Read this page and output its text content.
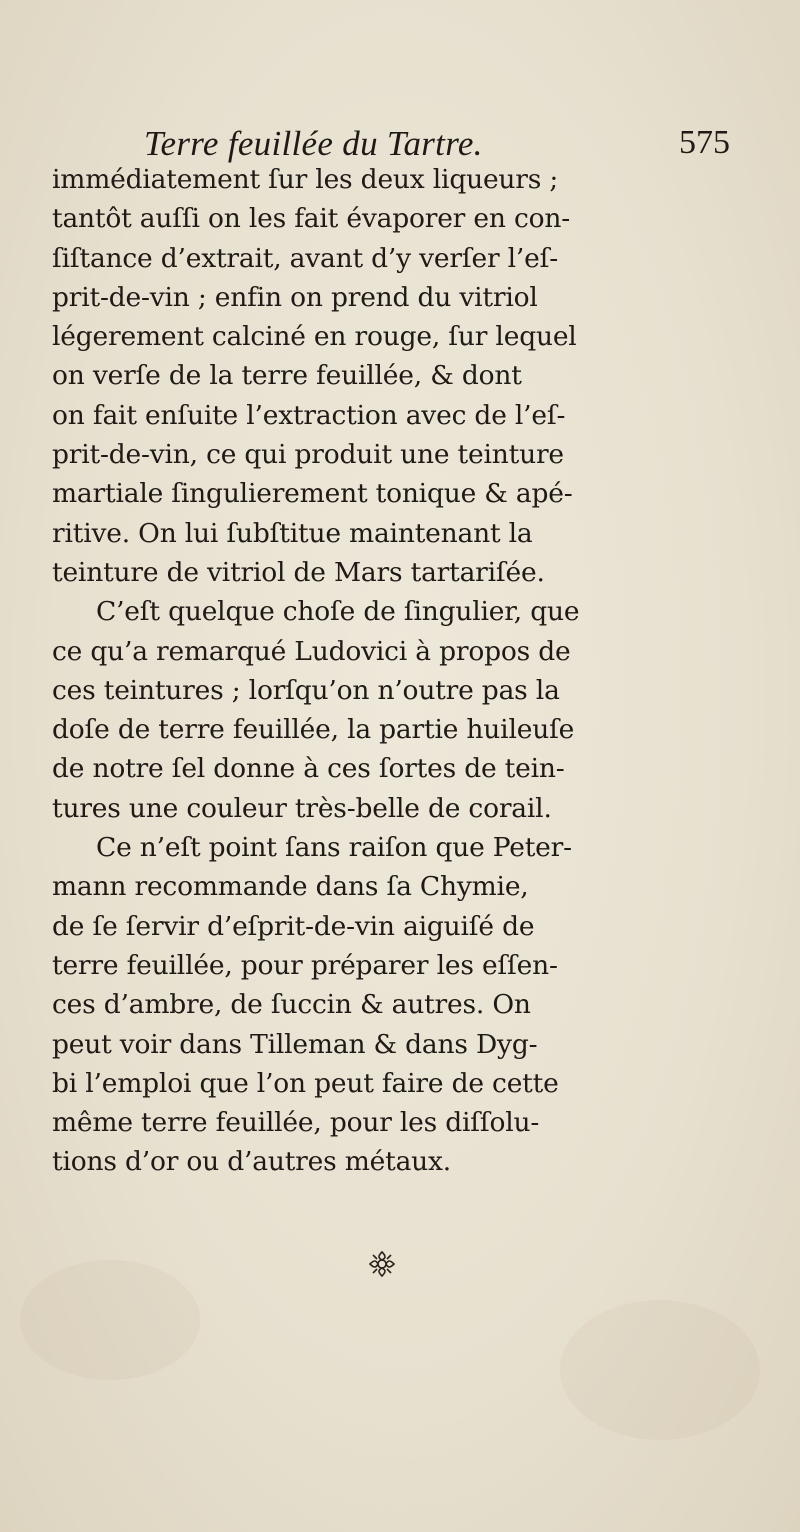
Terre feuillée du Tartre.	575
immédiatement ſur les deux liqueurs ;
tantôt auſſi on les fait évaporer en con-
ſiſtance d’extrait, avant d’y verſer l’eſ-
prit-de-vin ; enfin on prend du vitriol
légerement calciné en rouge, ſur lequel
on verſe de la terre feuillée, & dont
on fait enſuite l’extraction avec de l’eſ-
prit-de-vin, ce qui produit une teinture
martiale ſingulierement tonique & apé-
ritive. On lui ſubſtitue maintenant la
teinture de vitriol de Mars tartariſée.
C’eſt quelque choſe de ſingulier, que
ce qu’a remarqué Ludovici à propos de
ces teintures ; lorſqu’on n’outre pas la
doſe de terre feuillée, la partie huileuſe
de notre ſel donne à ces ſortes de tein-
tures une couleur très-belle de corail.
Ce n’eſt point ſans raiſon que Peter-
mann recommande dans ſa Chymie,
de ſe ſervir d’eſprit-de-vin aiguiſé de
terre feuillée, pour préparer les eſſen-
ces d’ambre, de ſuccin & autres. On
peut voir dans Tilleman & dans Dyg-
bi l’emploi que l’on peut faire de cette
même terre feuillée, pour les diſſolu-
tions d’or ou d’autres métaux.
